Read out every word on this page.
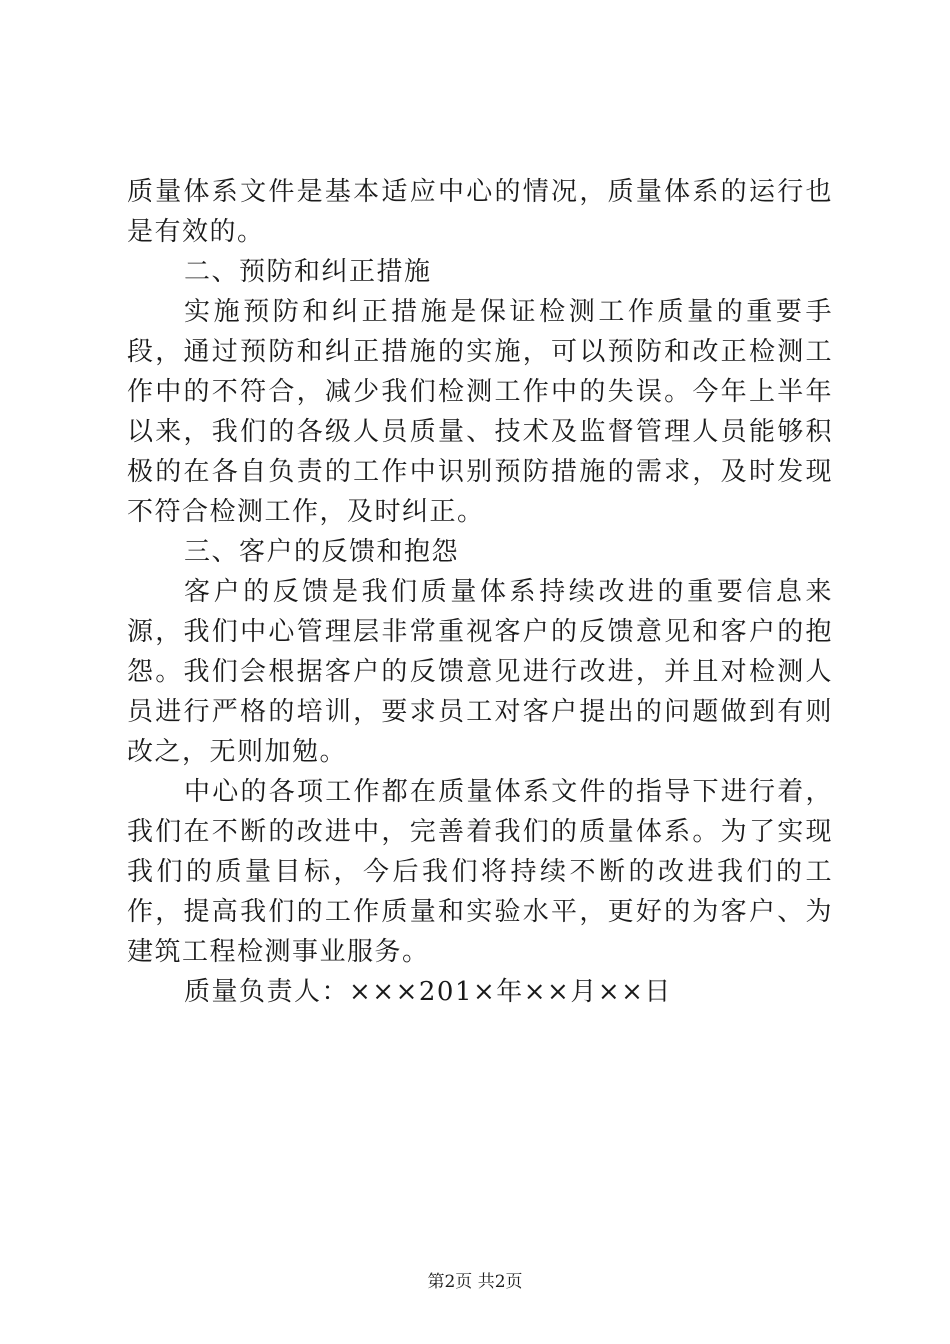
质量体系文件是基本适应中心的情况，质量体系的运行也是有效的。

二、预防和纠正措施

实施预防和纠正措施是保证检测工作质量的重要手段，通过预防和纠正措施的实施，可以预防和改正检测工作中的不符合，减少我们检测工作中的失误。今年上半年以来，我们的各级人员质量、技术及监督管理人员能够积极的在各自负责的工作中识别预防措施的需求，及时发现不符合检测工作，及时纠正。

三、客户的反馈和抱怨

客户的反馈是我们质量体系持续改进的重要信息来源，我们中心管理层非常重视客户的反馈意见和客户的抱怨。我们会根据客户的反馈意见进行改进，并且对检测人员进行严格的培训，要求员工对客户提出的问题做到有则改之，无则加勉。

中心的各项工作都在质量体系文件的指导下进行着，我们在不断的改进中，完善着我们的质量体系。为了实现我们的质量目标，今后我们将持续不断的改进我们的工作，提高我们的工作质量和实验水平，更好的为客户、为建筑工程检测事业服务。

质量负责人：×××201×年××月××日

第2页 共2页
